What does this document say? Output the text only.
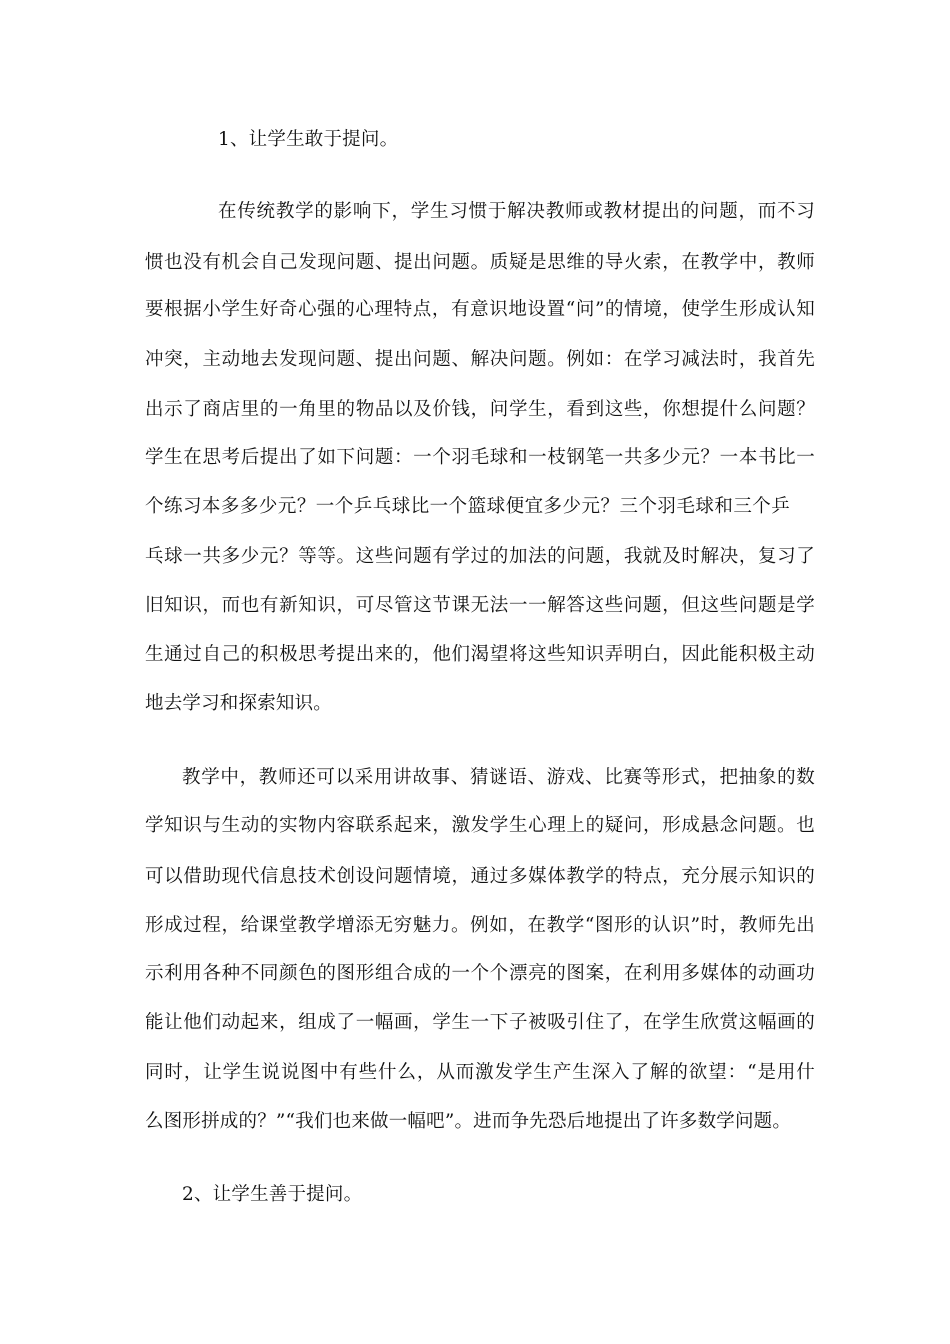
1、让学生敢于提问。
在传统教学的影响下，学生习惯于解决教师或教材提出的问题，而不习
惯也没有机会自己发现问题、提出问题。质疑是思维的导火索，在教学中，教师
要根据小学生好奇心强的心理特点，有意识地设置“问”的情境，使学生形成认知
冲突，主动地去发现问题、提出问题、解决问题。例如：在学习减法时，我首先
出示了商店里的一角里的物品以及价钱，问学生，看到这些，你想提什么问题？
学生在思考后提出了如下问题：一个羽毛球和一枝钢笔一共多少元？一本书比一
个练习本多多少元？一个乒乓球比一个篮球便宜多少元？三个羽毛球和三个乒
乓球一共多少元？等等。这些问题有学过的加法的问题，我就及时解决，复习了
旧知识，而也有新知识，可尽管这节课无法一一解答这些问题，但这些问题是学
生通过自己的积极思考提出来的，他们渴望将这些知识弄明白，因此能积极主动
地去学习和探索知识。
教学中，教师还可以采用讲故事、猜谜语、游戏、比赛等形式，把抽象的数
学知识与生动的实物内容联系起来，激发学生心理上的疑问，形成悬念问题。也
可以借助现代信息技术创设问题情境，通过多媒体教学的特点，充分展示知识的
形成过程，给课堂教学增添无穷魅力。例如，在教学“图形的认识”时，教师先出
示利用各种不同颜色的图形组合成的一个个漂亮的图案，在利用多媒体的动画功
能让他们动起来，组成了一幅画，学生一下子被吸引住了，在学生欣赏这幅画的
同时，让学生说说图中有些什么，从而激发学生产生深入了解的欲望：“是用什
么图形拼成的？”“我们也来做一幅吧”。进而争先恐后地提出了许多数学问题。
2、让学生善于提问。
